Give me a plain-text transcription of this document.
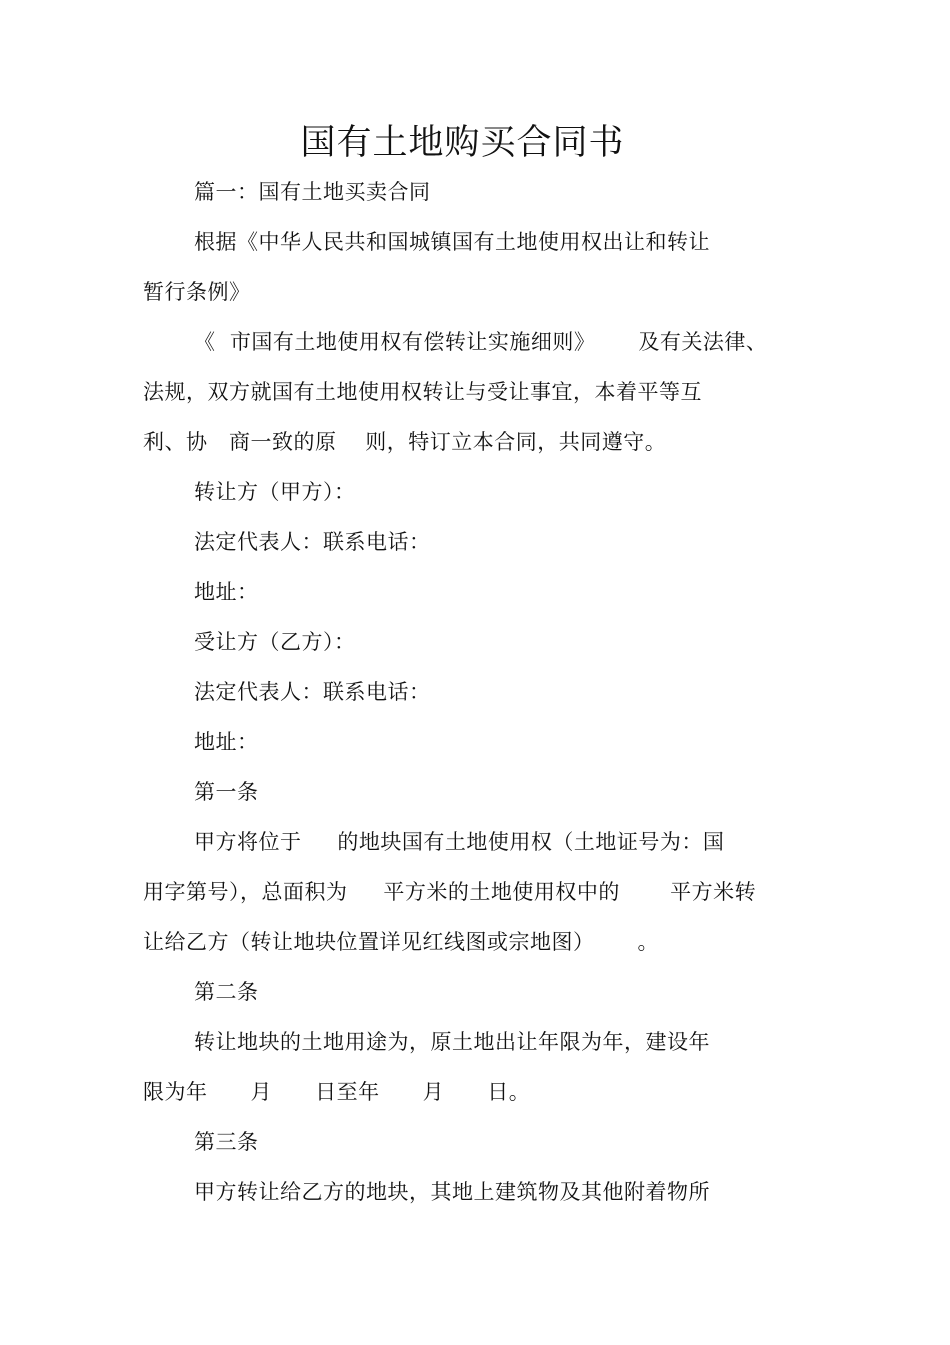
国有土地购买合同书
篇一：国有土地买卖合同
根据《中华人民共和国城镇国有土地使用权出让和转让
暂行条例》
《  市国有土地使用权有偿转让实施细则》      及有关法律、
法规，双方就国有土地使用权转让与受让事宜，本着平等互
利、协   商一致的原    则，特订立本合同，共同遵守。
转让方（甲方）：
法定代表人：联系电话：
地址：
受让方（乙方）：
法定代表人：联系电话：
地址：
第一条
甲方将位于     的地块国有土地使用权（土地证号为：国
用字第号），总面积为     平方米的土地使用权中的       平方米转
让给乙方（转让地块位置详见红线图或宗地图）      。
第二条
转让地块的土地用途为，原土地出让年限为年，建设年
限为年      月      日至年      月      日。
第三条
甲方转让给乙方的地块，其地上建筑物及其他附着物所
